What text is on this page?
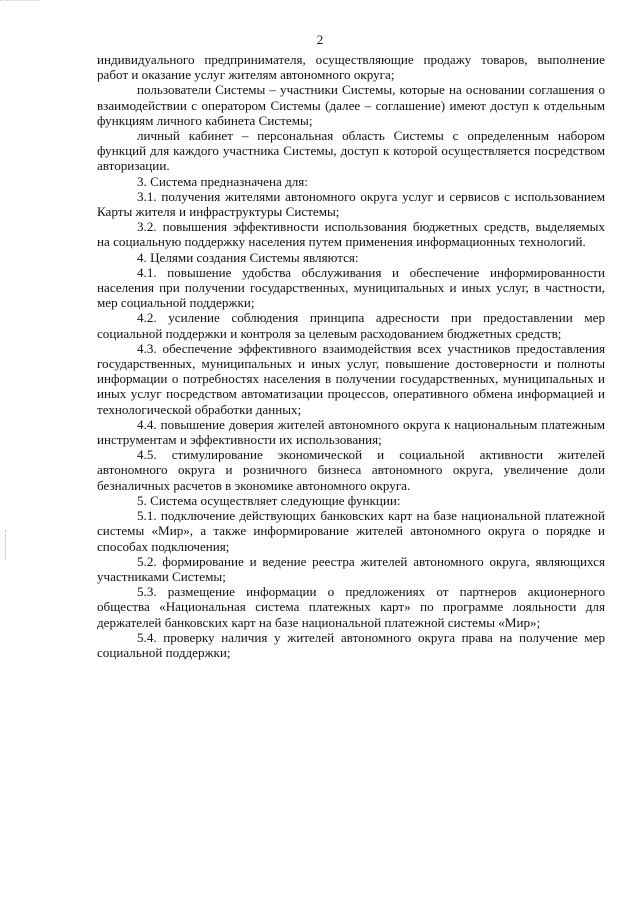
2

индивидуального предпринимателя, осуществляющие продажу товаров, выполнение работ и оказание услуг жителям автономного округа;

пользователи Системы – участники Системы, которые на основании соглашения о взаимодействии с оператором Системы (далее – соглашение) имеют доступ к отдельным функциям личного кабинета Системы;

личный кабинет – персональная область Системы с определенным набором функций для каждого участника Системы, доступ к которой осуществляется посредством авторизации.

3. Система предназначена для:

3.1. получения жителями автономного округа услуг и сервисов с использованием Карты жителя и инфраструктуры Системы;

3.2. повышения эффективности использования бюджетных средств, выделяемых на социальную поддержку населения путем применения информационных технологий.

4. Целями создания Системы являются:

4.1. повышение удобства обслуживания и обеспечение информированности населения при получении государственных, муниципальных и иных услуг, в частности, мер социальной поддержки;

4.2. усиление соблюдения принципа адресности при предоставлении мер социальной поддержки и контроля за целевым расходованием бюджетных средств;

4.3. обеспечение эффективного взаимодействия всех участников предоставления государственных, муниципальных и иных услуг, повышение достоверности и полноты информации о потребностях населения в получении государственных, муниципальных и иных услуг посредством автоматизации процессов, оперативного обмена информацией и технологической обработки данных;

4.4. повышение доверия жителей автономного округа к национальным платежным инструментам и эффективности их использования;

4.5. стимулирование экономической и социальной активности жителей автономного округа и розничного бизнеса автономного округа, увеличение доли безналичных расчетов в экономике автономного округа.

5. Система осуществляет следующие функции:

5.1. подключение действующих банковских карт на базе национальной платежной системы «Мир», а также информирование жителей автономного округа о порядке и способах подключения;

5.2. формирование и ведение реестра жителей автономного округа, являющихся участниками Системы;

5.3. размещение информации о предложениях от партнеров акционерного общества «Национальная система платежных карт» по программе лояльности для держателей банковских карт на базе национальной платежной системы «Мир»;

5.4. проверку наличия у жителей автономного округа права на получение мер социальной поддержки;
